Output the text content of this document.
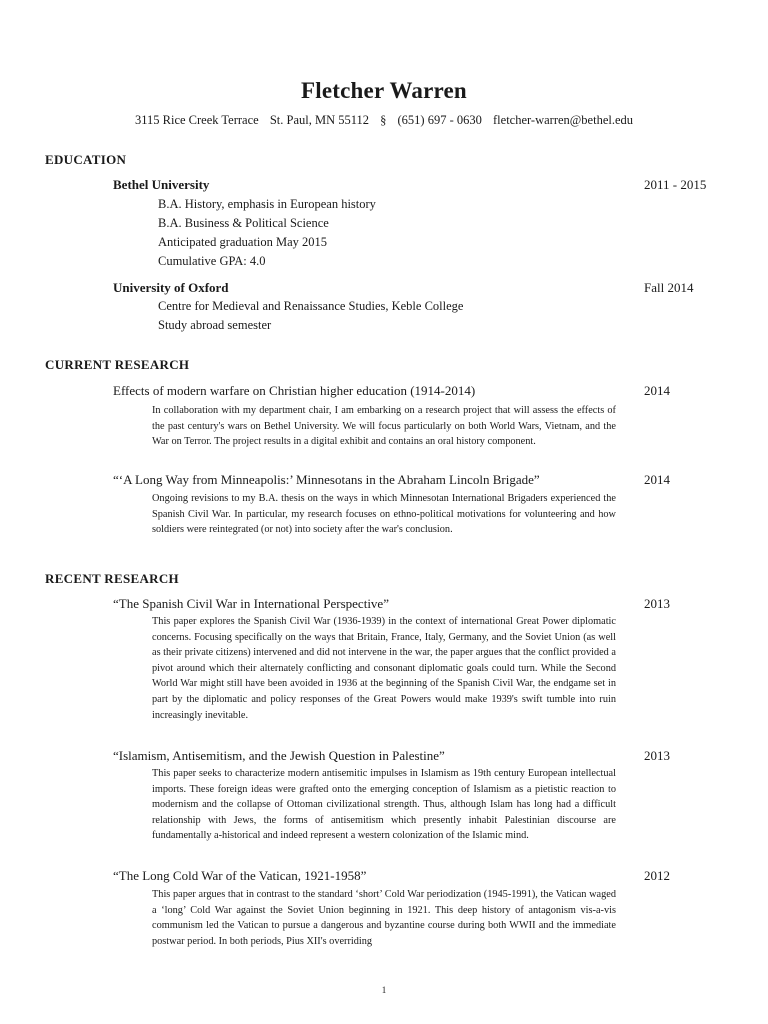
Fletcher Warren
3115 Rice Creek Terrace St. Paul, MN 55112 § (651) 697 - 0630 fletcher-warren@bethel.edu
EDUCATION
Bethel University	2011 - 2015
B.A. History, emphasis in European history
B.A. Business & Political Science
Anticipated graduation May 2015
Cumulative GPA: 4.0
University of Oxford	Fall 2014
Centre for Medieval and Renaissance Studies, Keble College
Study abroad semester
CURRENT RESEARCH
Effects of modern warfare on Christian higher education (1914-2014)	2014

In collaboration with my department chair, I am embarking on a research project that will assess the effects of the past century's wars on Bethel University. We will focus particularly on both World Wars, Vietnam, and the War on Terror. The project results in a digital exhibit and contains an oral history component.

“‘A Long Way from Minneapolis:’ Minnesotans in the Abraham Lincoln Brigade”	2014

Ongoing revisions to my B.A. thesis on the ways in which Minnesotan International Brigaders experienced the Spanish Civil War. In particular, my research focuses on ethno-political motivations for volunteering and how soldiers were reintegrated (or not) into society after the war's conclusion.

RECENT RESEARCH
“The Spanish Civil War in International Perspective”	2013

This paper explores the Spanish Civil War (1936-1939) in the context of international Great Power diplomatic concerns. Focusing specifically on the ways that Britain, France, Italy, Germany, and the Soviet Union (as well as their private citizens) intervened and did not intervene in the war, the paper argues that the conflict provided a pivot around which their alternately conflicting and consonant diplomatic goals could turn. While the Second World War might still have been avoided in 1936 at the beginning of the Spanish Civil War, the endgame set in part by the diplomatic and policy responses of the Great Powers would make 1939's swift tumble into ruin increasingly inevitable.

“Islamism, Antisemitism, and the Jewish Question in Palestine”	2013

This paper seeks to characterize modern antisemitic impulses in Islamism as 19th century European intellectual imports. These foreign ideas were grafted onto the emerging conception of Islamism as a pietistic reaction to modernism and the collapse of Ottoman civilizational strength. Thus, although Islam has long had a difficult relationship with Jews, the forms of antisemitism which presently inhabit Palestinian discourse are fundamentally a-historical and indeed represent a western colonization of the Islamic mind.

“The Long Cold War of the Vatican, 1921-1958”	2012

This paper argues that in contrast to the standard ‘short’ Cold War periodization (1945-1991), the Vatican waged a ‘long’ Cold War against the Soviet Union beginning in 1921. This deep history of antagonism vis-a-vis communism led the Vatican to pursue a dangerous and byzantine course during both WWII and the immediate postwar period. In both periods, Pius XII's overriding

1
